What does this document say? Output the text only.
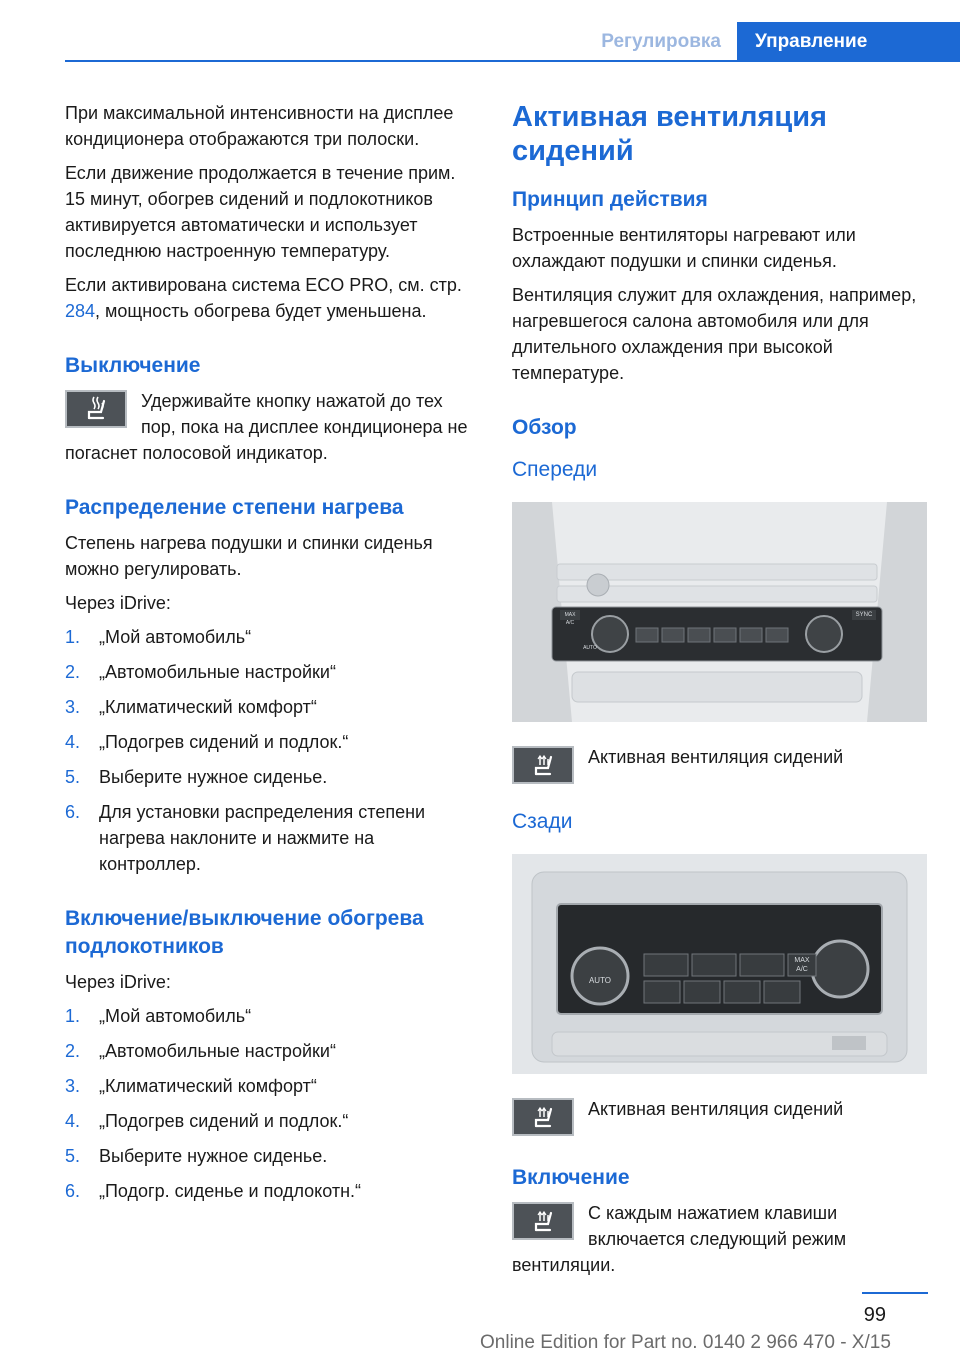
Регулировка	Управление

При максимальной интенсивности на дисплее кондиционера отображаются три полоски.

Если движение продолжается в течение прим. 15 минут, обогрев сидений и подлокотников активируется автоматически и использует последнюю настроенную температуру.

Если активирована система ECO PRO, см. стр. 284, мощность обогрева будет уменьшена.

Выключение
Удерживайте кнопку нажатой до тех пор, пока на дисплее кондиционера не погаснет полосовой индикатор.
Распределение степени нагрева

Степень нагрева подушки и спинки сиденья можно регулировать.

Через iDrive:

1. „Мой автомобиль“
2. „Автомобильные настройки“
3. „Климатический комфорт“
4. „Подогрев сидений и подлок.“
5. Выберите нужное сиденье.
6. Для установки распределения степени нагрева наклоните и нажмите на контроллер.
Включение/выключение обогрева подлокотников

Через iDrive:

1. „Мой автомобиль“
2. „Автомобильные настройки“
3. „Климатический комфорт“
4. „Подогрев сидений и подлок.“
5. Выберите нужное сиденье.
6. „Подогр. сиденье и подлокотн.“
Активная вентиляция сидений
Принцип действия

Встроенные вентиляторы нагревают или охлаждают подушки и спинки сиденья.

Вентиляция служит для охлаждения, например, нагревшегося салона автомобиля или для длительного охлаждения при высокой температуре.

Обзор
Спереди
MAX A/C
SYNC
AUTO
Активная вентиляция сидений
Сзади
AUTO
MAX A/C
Активная вентиляция сидений
Включение
С каждым нажатием клавиши включается следующий режим вентиляции.
99
Online Edition for Part no. 0140 2 966 470 - X/15
